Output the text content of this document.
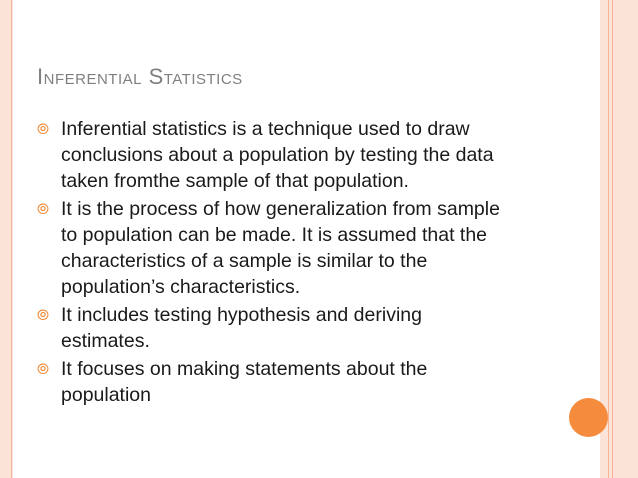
Inferential Statistics
⦾ Inferential statistics is a technique used to draw
conclusions about a population by testing the data
taken fromthe sample of that population.
⦾ It is the process of how generalization from sample
to population can be made. It is assumed that the
characteristics of a sample is similar to the
population’s characteristics.
⦾ It includes testing hypothesis and deriving
estimates.
⦾ It focuses on making statements about the
population
